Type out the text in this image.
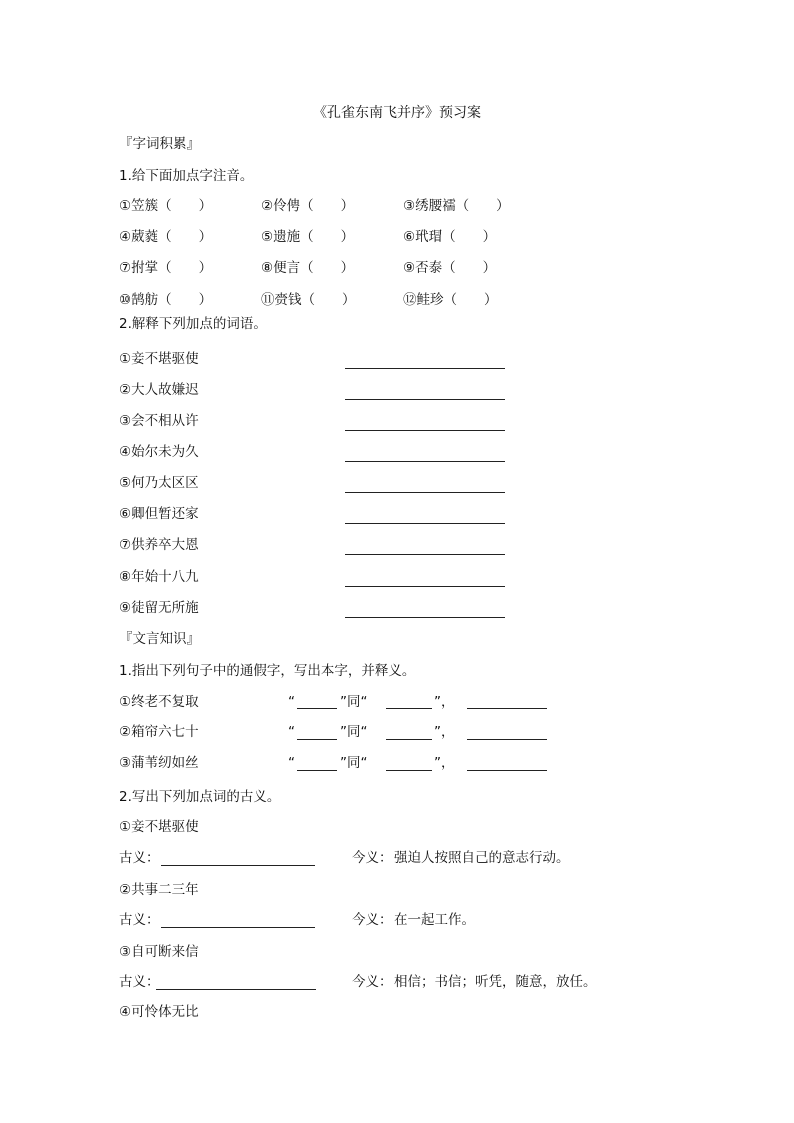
《孔雀东南飞并序》预习案
『字词积累』
1.给下面加点字注音。
①笠簇（　　）	②伶俜（　　）	③绣腰襦（　　）
④葳蕤（　　）	⑤遗施（　　）	⑥玳瑁（　　）
⑦拊掌（　　）	⑧便言（　　）	⑨否泰（　　）
⑩鹄舫（　　）	⑪赍钱（　　）	⑫鲑珍（　　）
2.解释下列加点的词语。
①妾不堪驱使
②大人故嫌迟
③会不相从许
④始尔未为久
⑤何乃太区区
⑥卿但暂还家
⑦供养卒大恩
⑧年始十八九
⑨徒留无所施
『文言知识』
1.指出下列句子中的通假字，写出本字，并释义。
①终老不复取	“	”同“	”，
②箱帘六七十	“	”同“	”，
③蒲苇纫如丝	“	”同“	”，
2.写出下列加点词的古义。
①妾不堪驱使
古义：	今义： 强迫人按照自己的意志行动。
②共事二三年
古义：	今义： 在一起工作。
③自可断来信
古义：	今义： 相信；书信；听凭，随意，放任。
④可怜体无比
